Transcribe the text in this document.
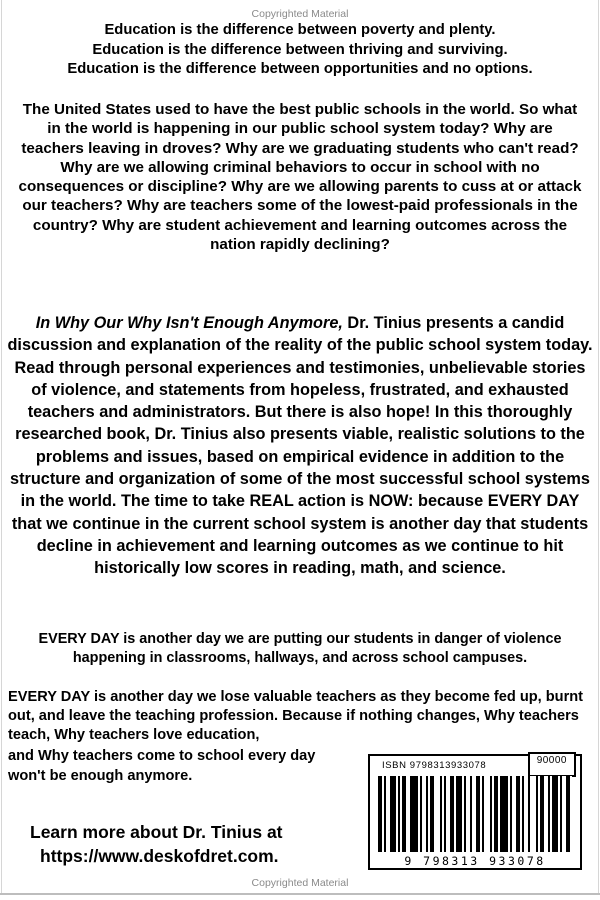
Copyrighted Material
Education is the difference between poverty and plenty.
Education is the difference between thriving and surviving.
Education is the difference between opportunities and no options.
The United States used to have the best public schools in the world. So what in the world is happening in our public school system today? Why are teachers leaving in droves? Why are we graduating students who can't read? Why are we allowing criminal behaviors to occur in school with no consequences or discipline? Why are we allowing parents to cuss at or attack our teachers? Why are teachers some of the lowest-paid professionals in the country? Why are student achievement and learning outcomes across the nation rapidly declining?
In Why Our Why Isn't Enough Anymore, Dr. Tinius presents a candid discussion and explanation of the reality of the public school system today. Read through personal experiences and testimonies, unbelievable stories of violence, and statements from hopeless, frustrated, and exhausted teachers and administrators. But there is also hope! In this thoroughly researched book, Dr. Tinius also presents viable, realistic solutions to the problems and issues, based on empirical evidence in addition to the structure and organization of some of the most successful school systems in the world. The time to take REAL action is NOW: because EVERY DAY that we continue in the current school system is another day that students decline in achievement and learning outcomes as we continue to hit historically low scores in reading, math, and science.
EVERY DAY is another day we are putting our students in danger of violence happening in classrooms, hallways, and across school campuses.
EVERY DAY is another day we lose valuable teachers as they become fed up, burnt out, and leave the teaching profession. Because if nothing changes, Why teachers teach, Why teachers love education,
and Why teachers come to school every day won't be enough anymore.
Learn more about Dr. Tinius at
https://www.deskofdret.com.
ISBN 9798313933078	90000
9 798313 933078
Copyrighted Material
